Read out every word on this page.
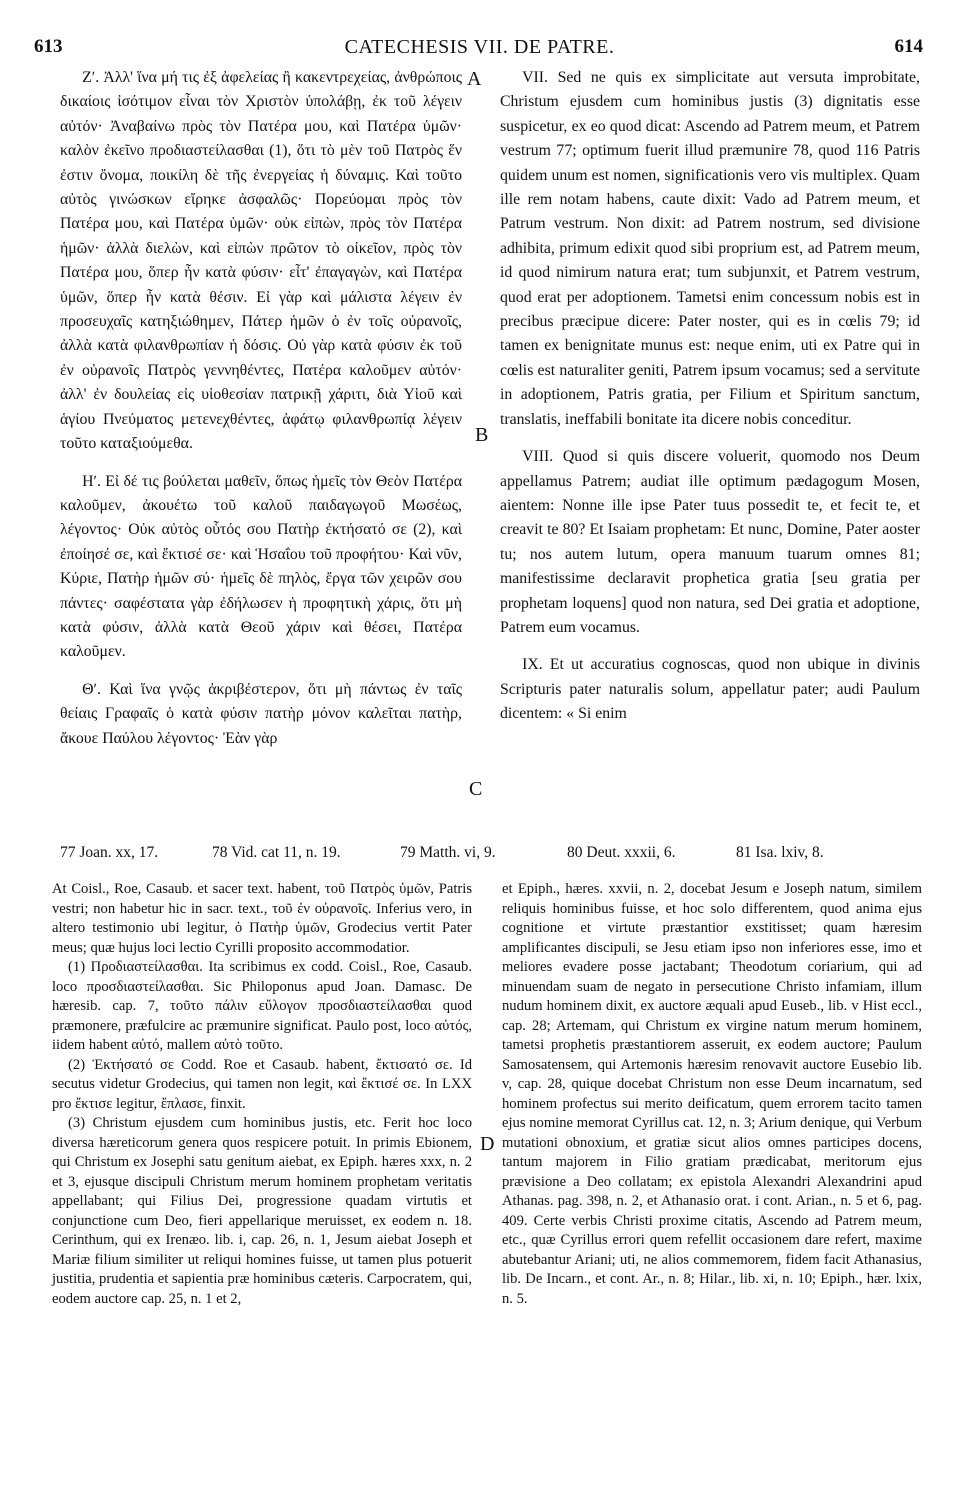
613	CATECHESIS VII. DE PATRE.	614

Ζʹ. Ἀλλ' ἵνα μή τις ἐξ ἀφελείας ἢ κακεντρεχείας, ἀνθρώποις δικαίοις ἰσότιμον εἶναι τὸν Χριστὸν ὑπολάβῃ, ἐκ τοῦ λέγειν αὐτόν· Ἀναβαίνω πρὸς τὸν Πατέρα μου, καὶ Πατέρα ὑμῶν· καλὸν ἐκεῖνο προδιαστείλασθαι (1), ὅτι τὸ μὲν τοῦ Πατρὸς ἕν ἐστιν ὄνομα, ποικίλη δὲ τῆς ἐνεργείας ἡ δύναμις. Καὶ τοῦτο αὐτὸς γινώσκων εἴρηκε ἀσφαλῶς· Πορεύομαι πρὸς τὸν Πατέρα μου, καὶ Πατέρα ὑμῶν· οὐκ εἰπὼν, πρὸς τὸν Πατέρα ἡμῶν· ἀλλὰ διελὼν, καὶ εἰπὼν πρῶτον τὸ οἰκεῖον, πρὸς τὸν Πατέρα μου, ὅπερ ἦν κατὰ φύσιν· εἶτ' ἐπαγαγὼν, καὶ Πατέρα ὑμῶν, ὅπερ ἦν κατὰ θέσιν. Εἰ γὰρ καὶ μάλιστα λέγειν ἐν προσευχαῖς κατηξιώθημεν, Πάτερ ἡμῶν ὁ ἐν τοῖς οὐρανοῖς, ἀλλὰ κατὰ φιλανθρωπίαν ἡ δόσις. Οὐ γὰρ κατὰ φύσιν ἐκ τοῦ ἐν οὐρανοῖς Πατρὸς γεννηθέντες, Πατέρα καλοῦμεν αὐτόν· ἀλλ' ἐν δουλείας εἰς υἱοθεσίαν πατρικῇ χάριτι, διὰ Υἱοῦ καὶ ἁγίου Πνεύματος μετενεχθέντες, ἀφάτῳ φιλανθρωπίᾳ λέγειν τοῦτο καταξιούμεθα.

Ηʹ. Εἰ δέ τις βούλεται μαθεῖν, ὅπως ἡμεῖς τὸν Θεὸν Πατέρα καλοῦμεν, ἀκουέτω τοῦ καλοῦ παιδαγωγοῦ Μωσέως, λέγοντος· Οὐκ αὐτὸς οὗτός σου Πατὴρ ἐκτήσατό σε (2), καὶ ἐποίησέ σε, καὶ ἔκτισέ σε· καὶ Ἡσαΐου τοῦ προφήτου· Καὶ νῦν, Κύριε, Πατὴρ ἡμῶν σύ· ἡμεῖς δὲ πηλὸς, ἔργα τῶν χειρῶν σου πάντες· σαφέστατα γὰρ ἐδήλωσεν ἡ προφητικὴ χάρις, ὅτι μὴ κατὰ φύσιν, ἀλλὰ κατὰ Θεοῦ χάριν καὶ θέσει, Πατέρα καλοῦμεν.

Θʹ. Καὶ ἵνα γνῷς ἀκριβέστερον, ὅτι μὴ πάντως ἐν ταῖς θείαις Γραφαῖς ὁ κατὰ φύσιν πατὴρ μόνον καλεῖται πατὴρ, ἄκουε Παύλου λέγοντος· Ἐὰν γὰρ

A
B
C
D

VII. Sed ne quis ex simplicitate aut versuta improbitate, Christum ejusdem cum hominibus justis (3) dignitatis esse suspicetur, ex eo quod dicat: Ascendo ad Patrem meum, et Patrem vestrum 77; optimum fuerit illud præmunire 78, quod 116 Patris quidem unum est nomen, significationis vero vis multiplex. Quam ille rem notam habens, caute dixit: Vado ad Patrem meum, et Patrum vestrum. Non dixit: ad Patrem nostrum, sed divisione adhibita, primum edixit quod sibi proprium est, ad Patrem meum, id quod nimirum natura erat; tum subjunxit, et Patrem vestrum, quod erat per adoptionem. Tametsi enim concessum nobis est in precibus præcipue dicere: Pater noster, qui es in cœlis 79; id tamen ex benignitate munus est: neque enim, uti ex Patre qui in cœlis est naturaliter geniti, Patrem ipsum vocamus; sed a servitute in adoptionem, Patris gratia, per Filium et Spiritum sanctum, translatis, ineffabili bonitate ita dicere nobis conceditur.

VIII. Quod si quis discere voluerit, quomodo nos Deum appellamus Patrem; audiat ille optimum pædagogum Mosen, aientem: Nonne ille ipse Pater tuus possedit te, et fecit te, et creavit te 80? Et Isaiam prophetam: Et nunc, Domine, Pater aoster tu; nos autem lutum, opera manuum tuarum omnes 81; manifestissime declaravit prophetica gratia [seu gratia per prophetam loquens] quod non natura, sed Dei gratia et adoptione, Patrem eum vocamus.

IX. Et ut accuratius cognoscas, quod non ubique in divinis Scripturis pater naturalis solum, appellatur pater; audi Paulum dicentem: « Si enim

77 Joan. xx, 17.	78 Vid. cat 11, n. 19.	79 Matth. vi, 9.	80 Deut. xxxii, 6.	81 Isa. lxiv, 8.

At Coisl., Roe, Casaub. et sacer text. habent, τοῦ Πατρὸς ὑμῶν, Patris vestri; non habetur hic in sacr. text., τοῦ ἐν οὐρανοῖς. Inferius vero, in altero testimonio ubi legitur, ὁ Πατὴρ ὑμῶν, Grodecius vertit Pater meus; quæ hujus loci lectio Cyrilli proposito accommodatior.

(1) Προδιαστείλασθαι. Ita scribimus ex codd. Coisl., Roe, Casaub. loco προσδιαστείλασθαι. Sic Philoponus apud Joan. Damasc. De hæresib. cap. 7, τοῦτο πάλιν εὔλογον προσδιαστείλασθαι quod præmonere, præfulcire ac præmunire significat. Paulo post, loco αὐτός, iidem habent αὐτό, mallem αὐτὸ τοῦτο.

(2) Ἐκτήσατό σε Codd. Roe et Casaub. habent, ἔκτισατό σε. Id secutus videtur Grodecius, qui tamen non legit, καὶ ἔκτισέ σε. In LXX pro ἔκτισε legitur, ἔπλασε, finxit.

(3) Christum ejusdem cum hominibus justis, etc. Ferit hoc loco diversa hæreticorum genera quos respicere potuit. In primis Ebionem, qui Christum ex Josephi satu genitum aiebat, ex Epiph. hæres xxx, n. 2 et 3, ejusque discipuli Christum merum hominem prophetam veritatis appellabant; qui Filius Dei, progressione quadam virtutis et conjunctione cum Deo, fieri appellarique meruisset, ex eodem n. 18. Cerinthum, qui ex Irenæo. lib. i, cap. 26, n. 1, Jesum aiebat Joseph et Mariæ filium similiter ut reliqui homines fuisse, ut tamen plus potuerit justitia, prudentia et sapientia præ hominibus cæteris. Carpocratem, qui, eodem auctore cap. 25, n. 1 et 2,

et Epiph., hæres. xxvii, n. 2, docebat Jesum e Joseph natum, similem reliquis hominibus fuisse, et hoc solo differentem, quod anima ejus cognitione et virtute præstantior exstitisset; quam hæresim amplificantes discipuli, se Jesu etiam ipso non inferiores esse, imo et meliores evadere posse jactabant; Theodotum coriarium, qui ad minuendam suam de negato in persecutione Christo infamiam, illum nudum hominem dixit, ex auctore æquali apud Euseb., lib. v Hist eccl., cap. 28; Artemam, qui Christum ex virgine natum merum hominem, tametsi prophetis præstantiorem asseruit, ex eodem auctore; Paulum Samosatensem, qui Artemonis hæresim renovavit auctore Eusebio lib. v, cap. 28, quique docebat Christum non esse Deum incarnatum, sed hominem profectus sui merito deificatum, quem errorem tacito tamen ejus nomine memorat Cyrillus cat. 12, n. 3; Arium denique, qui Verbum mutationi obnoxium, et gratiæ sicut alios omnes participes docens, tantum majorem in Filio gratiam prædicabat, meritorum ejus prævisione a Deo collatam; ex epistola Alexandri Alexandrini apud Athanas. pag. 398, n. 2, et Athanasio orat. i cont. Arian., n. 5 et 6, pag. 409. Certe verbis Christi proxime citatis, Ascendo ad Patrem meum, etc., quæ Cyrillus errori quem refellit occasionem dare refert, maxime abutebantur Ariani; uti, ne alios commemorem, fidem facit Athanasius, lib. De Incarn., et cont. Ar., n. 8; Hilar., lib. xi, n. 10; Epiph., hær. lxix, n. 5.
